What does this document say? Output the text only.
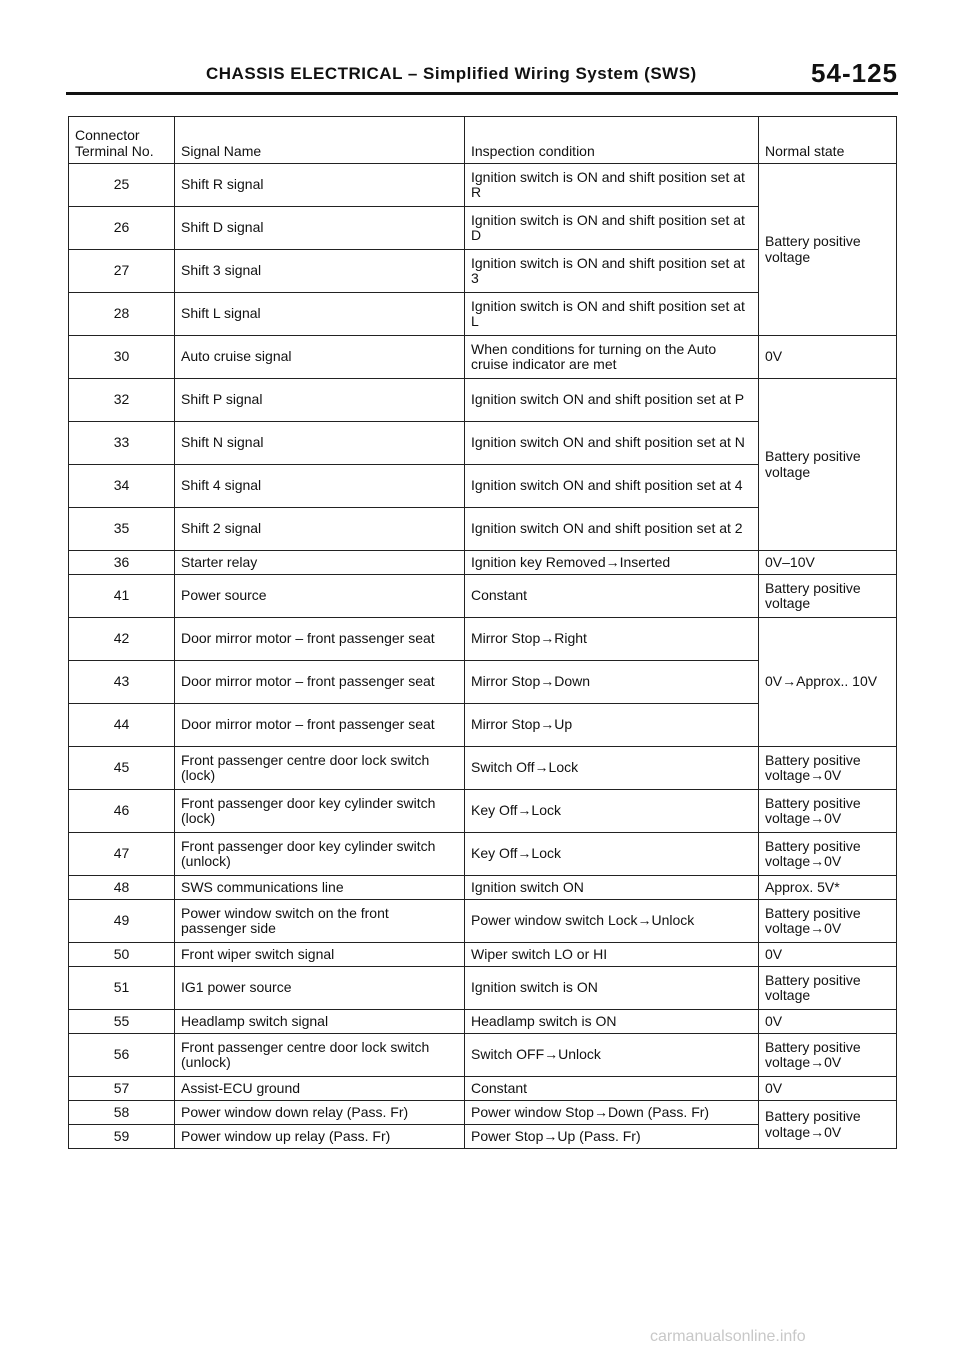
CHASSIS ELECTRICAL – Simplified Wiring System (SWS)	54-125
Connector
Terminal No.	Signal Name	Inspection condition	Normal state
25	Shift R signal	Ignition switch is ON and shift position set at R	Battery positive voltage
26	Shift D signal	Ignition switch is ON and shift position set at D	
27	Shift 3 signal	Ignition switch is ON and shift position set at 3	
28	Shift L signal	Ignition switch is ON and shift position set at L	
30	Auto cruise signal	When conditions for turning on the Auto cruise indicator are met	0V
32	Shift P signal	Ignition switch ON and shift position set at P	Battery positive voltage
33	Shift N signal	Ignition switch ON and shift position set at N	
34	Shift 4 signal	Ignition switch ON and shift position set at 4	
35	Shift 2 signal	Ignition switch ON and shift position set at 2	
36	Starter relay	Ignition key Removed→Inserted	0V–10V
41	Power source	Constant	Battery positive voltage
42	Door mirror motor – front passenger seat	Mirror Stop→Right	0V→Approx.. 10V
43	Door mirror motor – front passenger seat	Mirror Stop→Down	
44	Door mirror motor – front passenger seat	Mirror Stop→Up	
45	Front passenger centre door lock switch (lock)	Switch Off→Lock	Battery positive voltage→0V
46	Front passenger door key cylinder switch (lock)	Key Off→Lock	Battery positive voltage→0V
47	Front passenger door key cylinder switch (unlock)	Key Off→Lock	Battery positive voltage→0V
48	SWS communications line	Ignition switch ON	Approx. 5V*
49	Power window switch on the front passenger side	Power window switch Lock→Unlock	Battery positive voltage→0V
50	Front wiper switch signal	Wiper switch LO or HI	0V
51	IG1 power source	Ignition switch is ON	Battery positive voltage
55	Headlamp switch signal	Headlamp switch is ON	0V
56	Front passenger centre door lock switch (unlock)	Switch OFF→Unlock	Battery positive voltage→0V
57	Assist-ECU ground	Constant	0V
58	Power window down relay (Pass. Fr)	Power window Stop→Down (Pass. Fr)	Battery positive voltage→0V
59	Power window up relay (Pass. Fr)	Power Stop→Up (Pass. Fr)	
carmanualsonline.info
